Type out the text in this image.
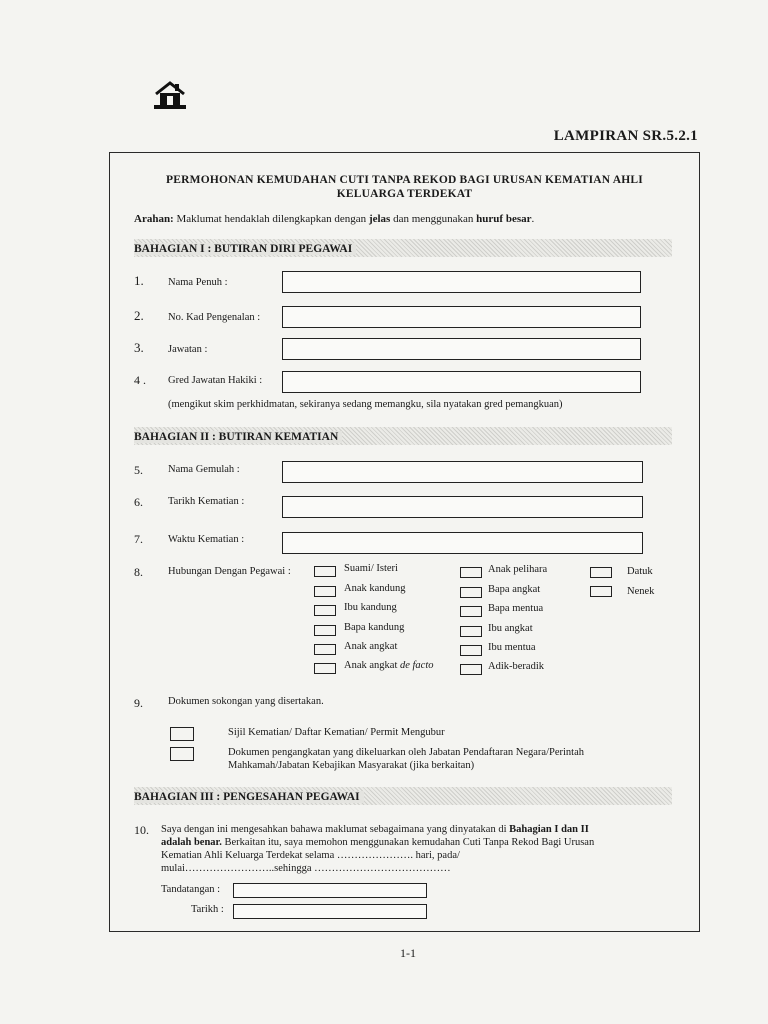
LAMPIRAN SR.5.2.1
PERMOHONAN KEMUDAHAN CUTI TANPA REKOD BAGI URUSAN KEMATIAN AHLI
KELUARGA TERDEKAT
Arahan: Maklumat hendaklah dilengkapkan dengan jelas dan menggunakan huruf besar.
BAHAGIAN I : BUTIRAN DIRI PEGAWAI
1. Nama Penuh :
2. No. Kad Pengenalan :
3. Jawatan :
4 . Gred Jawatan Hakiki :
(mengikut skim perkhidmatan, sekiranya sedang memangku, sila nyatakan gred pemangkuan)
BAHAGIAN II : BUTIRAN KEMATIAN
5. Nama Gemulah :
6. Tarikh Kematian :
7. Waktu Kematian :
8. Hubungan Dengan Pegawai :	Suami/ Isteri
Anak kandung
Ibu kandung
Bapa kandung
Anak angkat
Anak angkat de facto
Anak pelihara
Bapa angkat
Bapa mentua
Ibu angkat
Ibu mentua
Adik-beradik
Datuk
Nenek
9. Dokumen sokongan yang disertakan.
Sijil Kematian/ Daftar Kematian/ Permit Mengubur
Dokumen pengangkatan yang dikeluarkan oleh Jabatan Pendaftaran Negara/Perintah
Mahkamah/Jabatan Kebajikan Masyarakat (jika berkaitan)
BAHAGIAN III : PENGESAHAN PEGAWAI
10. Saya dengan ini mengesahkan bahawa maklumat sebagaimana yang dinyatakan di Bahagian I dan II
adalah benar. Berkaitan itu, saya memohon menggunakan kemudahan Cuti Tanpa Rekod Bagi Urusan
Kematian Ahli Keluarga Terdekat selama …………………. hari, pada/
mulai……………………..sehingga …………………………………
Tandatangan :
Tarikh :
1-1
